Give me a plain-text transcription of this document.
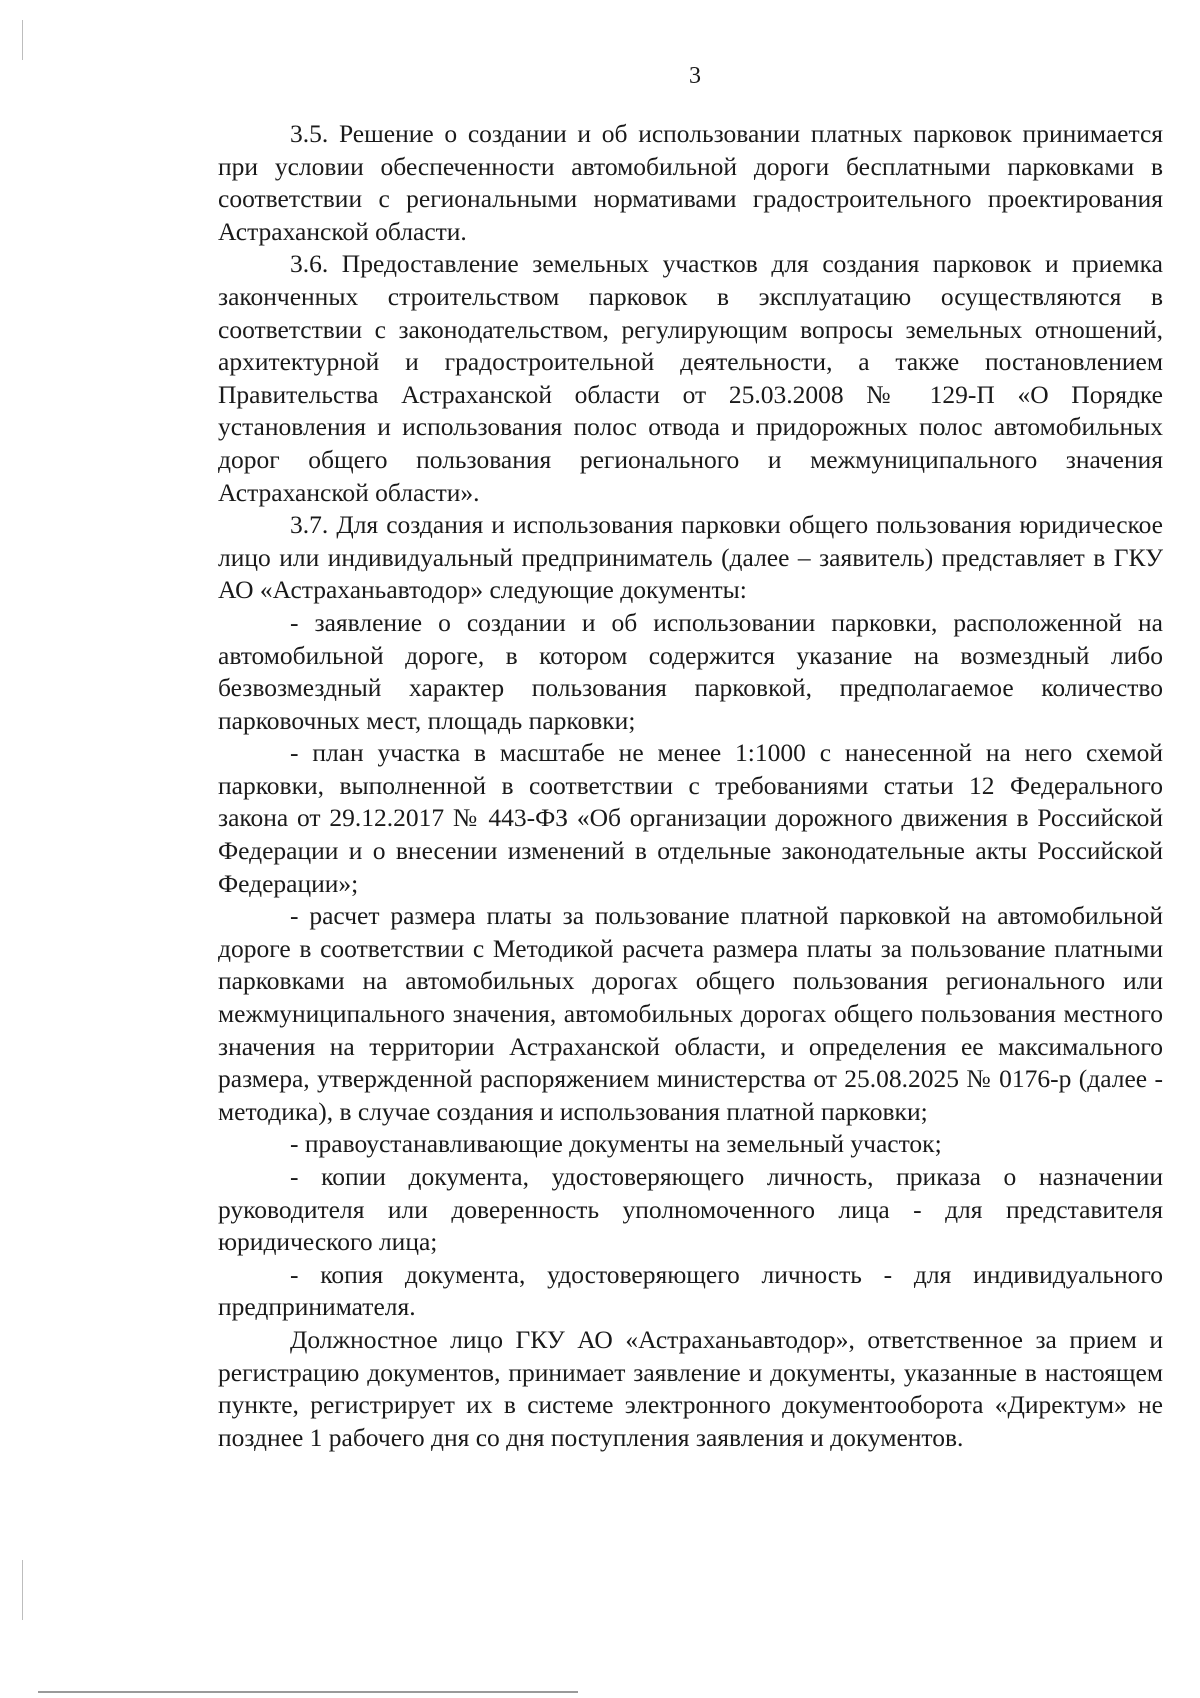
3

3.5. Решение о создании и об использовании платных парковок принимается при условии обеспеченности автомобильной дороги бесплатными парковками в соответствии с региональными нормативами градостроительного проектирования Астраханской области.

3.6. Предоставление земельных участков для создания парковок и приемка законченных строительством парковок в эксплуатацию осуществляются в соответствии с законодательством, регулирующим вопросы земельных отношений, архитектурной и градостроительной деятельности, а также постановлением Правительства Астраханской области от 25.03.2008 № 129-П «О Порядке установления и использования полос отвода и придорожных полос автомобильных дорог общего пользования регионального и межмуниципального значения Астраханской области».

3.7. Для создания и использования парковки общего пользования юридическое лицо или индивидуальный предприниматель (далее – заявитель) представляет в ГКУ АО «Астраханьавтодор» следующие документы:

- заявление о создании и об использовании парковки, расположенной на автомобильной дороге, в котором содержится указание на возмездный либо безвозмездный характер пользования парковкой, предполагаемое количество парковочных мест, площадь парковки;

- план участка в масштабе не менее 1:1000 с нанесенной на него схемой парковки, выполненной в соответствии с требованиями статьи 12 Федерального закона от 29.12.2017 № 443-ФЗ «Об организации дорожного движения в Российской Федерации и о внесении изменений в отдельные законодательные акты Российской Федерации»;

- расчет размера платы за пользование платной парковкой на автомобильной дороге в соответствии с Методикой расчета размера платы за пользование платными парковками на автомобильных дорогах общего пользования регионального или межмуниципального значения, автомобильных дорогах общего пользования местного значения на территории Астраханской области, и определения ее максимального размера, утвержденной распоряжением министерства от 25.08.2025 № 0176-р (далее - методика), в случае создания и использования платной парковки;

- правоустанавливающие документы на земельный участок;

- копии документа, удостоверяющего личность, приказа о назначении руководителя или доверенность уполномоченного лица - для представителя юридического лица;

- копия документа, удостоверяющего личность - для индивидуального предпринимателя.

Должностное лицо ГКУ АО «Астраханьавтодор», ответственное за прием и регистрацию документов, принимает заявление и документы, указанные в настоящем пункте, регистрирует их в системе электронного документооборота «Директум» не позднее 1 рабочего дня со дня поступления заявления и документов.
